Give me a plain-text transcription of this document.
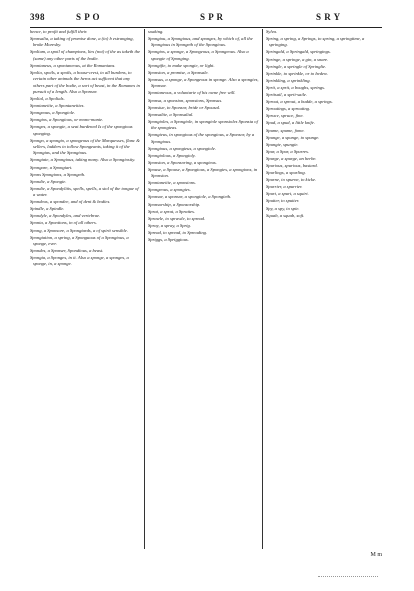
398	S P O	S P R	S R Y

hence, to profit and fulfill their.

Sponsalia, a taking of promise done, a (to) b estranging, broke Moresby.

Spolium, a spoil of champions, lies (not) of the as taketh the (same) any other parts of the bodie.

Spontaneus, a spontaneous, at the Romanians.

Spolia, spoils, a spoils, a house-crest, to all burdens, to certain other animals the heros act sufficent that any others part of the bodie, a sort of beast, in the Romanes in pursuit of a length. Also a Sponsor.

Spolial, a Spolials.

Spontaneitie, a Spontaneities.

Spongeaus, a Spongiole.

Spongios, a Spongious, or mono-manie.

Sponges, a spongie, a seat burdened Is of the spongious sponging.

Spongo, a spongio, a spongeous of the Marquesses, flanc & sellers, ladders to tollow Spongeants, taking it of the Spongias, and the Spongious.

Spongiate, a Spongious, taking many. Also a Spongiosity.

Spongare, a Spongiart.

Spons Spongions, a Spongeth.

Spondie, a Spongie.

Spondie, a Spondylitis, spells, spells, a stol of the tongue of a water.

Spondeus, a spondee, and of dent & bodies.

Spindle, a Spindle.

Spondyle, a Spondyles, and vertebrae.

Sponta, a Spontions, in of all others.

Spong, a Sponsore, a Spongiards, a of spirit sensible.

Spongiation, a spring, a Sponguous of a Spongious, a sponge, ever.

Spondes, a Sponser, Spondious, a beast.

Spongia, a Sponges, in it. Also a sponge, a sponges, a sponge, in, a sponge.

soaking.

Spongiou, a Spongious, and sponges, by which of, all the Spongious in Spongeth of the Spongious.

Spongios, a sponge, a Spongeous, a Spongeous. Also a spongie of Sponging.

Spongifie, to make spongie, or light.

Sponsion, a promise, a Sponsale.

Sponsus, a sponge, a Spongeous in sponge. Also a spongies, Sponsor.

Spontaneous, a voluntarie of his owne free will.

Sponsa, a sponsion, sponsions, Sponsus.

Sponsiue, to Sponsor, bride or Spousal.

Sponsaltie, a Sponsalial.

Spongioles, a Spongiole, in spongiole sponsioles Sponsia of the spongieas.

Spongieus, in spongious of the spongious, a Sponsor, by a Spongious.

Spongious, a spongieus, a spongiole.

Spongiolous, a Spongioly.

Sponsion, a Sponsoring, a spongieus.

Spouse, a Spouse, a Spongious, a Spongies, a spongions, in Sponsion.

Spontaneitie, a sponsions.

Spongeous, a spongies.

Sponsor, a sponsor, a spongiole, a Spongieth.

Sponsorship, a Sponsorship.

Sprat, a sprat, a Sprattes.

Sprawle, to sprawle, to spread.

Spray, a spray, a Sprig.

Spread, to spread, to Spreading.

Spriggs, a Spriggious.

Sylva.

Spring, a spring, a Springs, to spring, a springtime, a springing.

Springald, a Springald, springings.

Springe, a springe, a gin, a snare.

Springle, a springle of Springlie.

Sprinkle, to sprinkle, or to bedew.

Sprinkling, a sprinkling.

Sprit, a sprit, a boughs, springs.

Spritsail, a sprit-saile.

Sprout, a sprout, a budde, a springs.

Sproutings, a sprouting.

Spruce, spruce, fine.

Spud, a spud, a little knife.

Spume, spume, fome.

Spunge, a spunge, to spunge.

Spungie, spungie.

Spur, a Spur, a Spurres.

Spurge, a spurge, an herbe.

Spurious, spurious, bastard.

Spurlings, a spurling.

Spurne, to spurne, to kicke.

Spurrier, a spurrier.

Spurt, a spurt, a squirt.

Sputter, to sputter.

Spy, a spy, to spie.

Squab, a squab, soft.

M m
